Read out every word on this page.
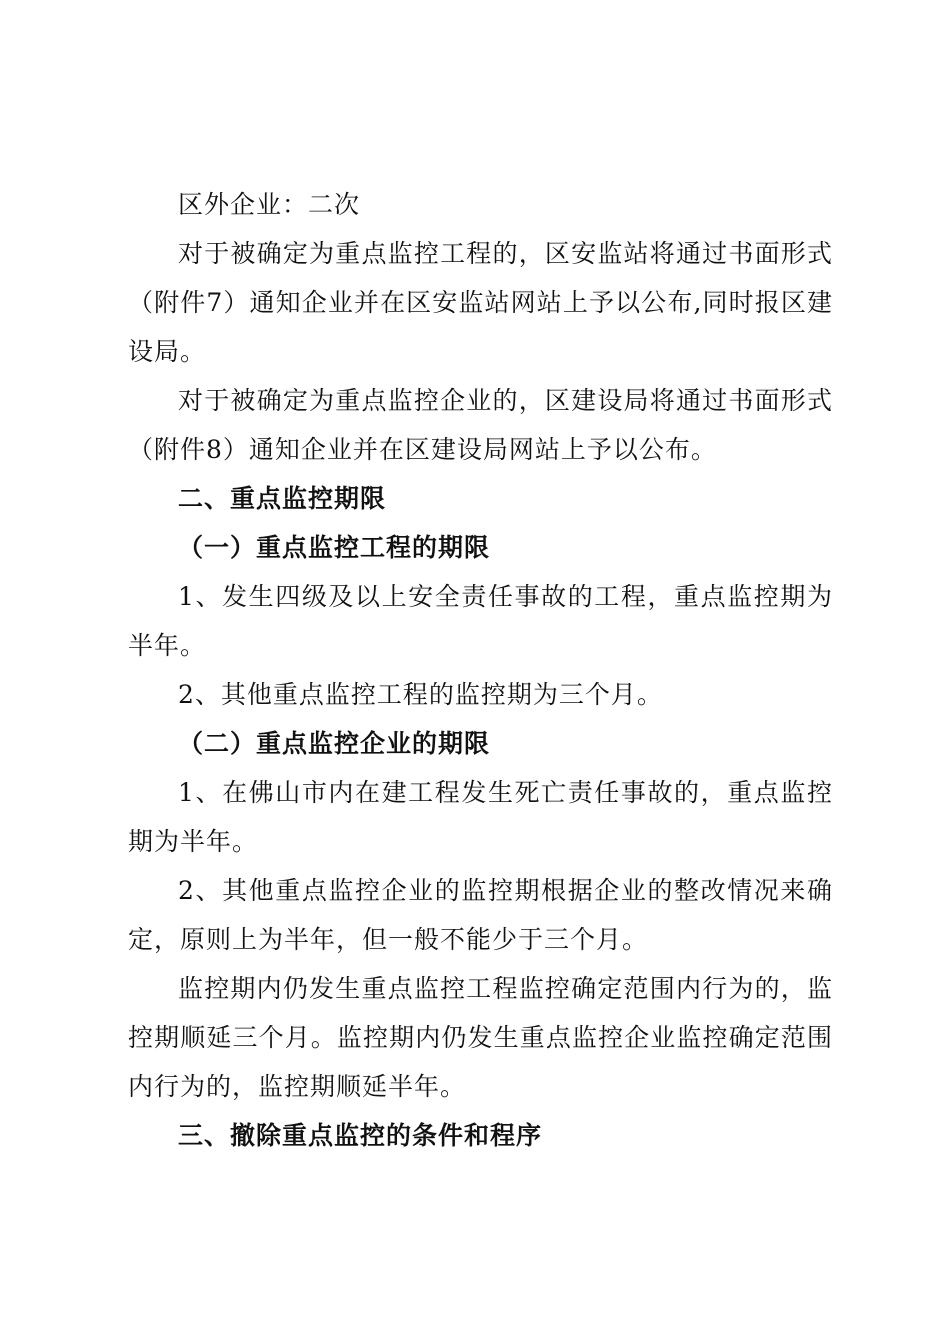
区外企业：二次

对于被确定为重点监控工程的，区安监站将通过书面形式（附件7）通知企业并在区安监站网站上予以公布,同时报区建设局。

对于被确定为重点监控企业的，区建设局将通过书面形式（附件8）通知企业并在区建设局网站上予以公布。

二、重点监控期限

（一）重点监控工程的期限

1、发生四级及以上安全责任事故的工程，重点监控期为半年。

2、其他重点监控工程的监控期为三个月。

（二）重点监控企业的期限

1、在佛山市内在建工程发生死亡责任事故的，重点监控期为半年。

2、其他重点监控企业的监控期根据企业的整改情况来确定，原则上为半年，但一般不能少于三个月。

监控期内仍发生重点监控工程监控确定范围内行为的，监控期顺延三个月。监控期内仍发生重点监控企业监控确定范围内行为的，监控期顺延半年。

三、撤除重点监控的条件和程序
